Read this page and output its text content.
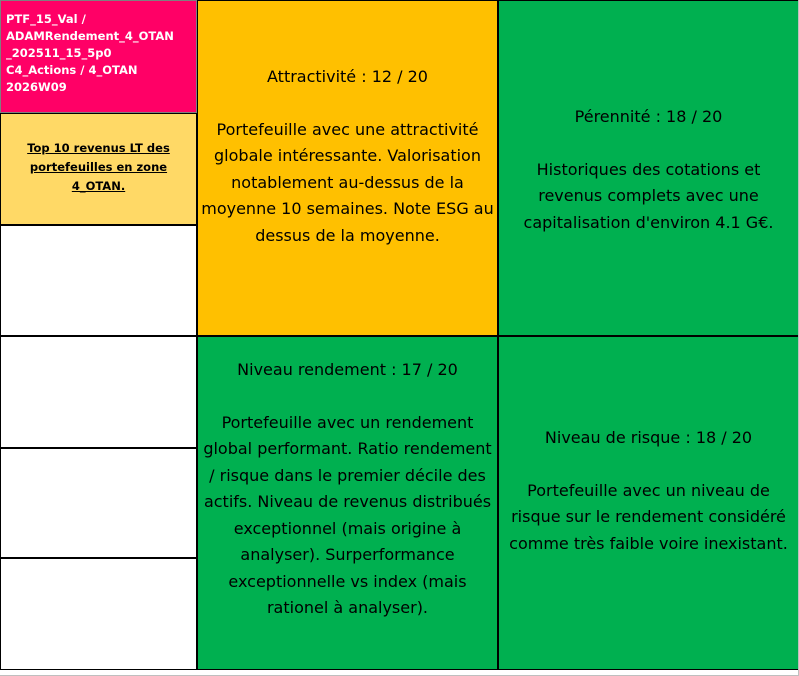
PTF_15_Val /
ADAMRendement_4_OTAN
_202511_15_5p0
C4_Actions / 4_OTAN
2026W09
Top 10 revenus LT des portefeuilles en zone 4_OTAN.
Attractivité : 12 / 20
Portefeuille avec une attractivité globale intéressante. Valorisation notablement au-dessus de la moyenne 10 semaines. Note ESG au dessus de la moyenne.
Pérennité : 18 / 20
Historiques des cotations et revenus complets avec une capitalisation d'environ 4.1 G€.
Niveau rendement : 17 / 20
Portefeuille avec un rendement global performant. Ratio rendement / risque dans le premier décile des actifs. Niveau de revenus distribués exceptionnel (mais origine à analyser). Surperformance exceptionnelle vs index (mais rationel à analyser).
Niveau de risque : 18 / 20
Portefeuille avec un niveau de risque sur le rendement considéré comme très faible voire inexistant.
